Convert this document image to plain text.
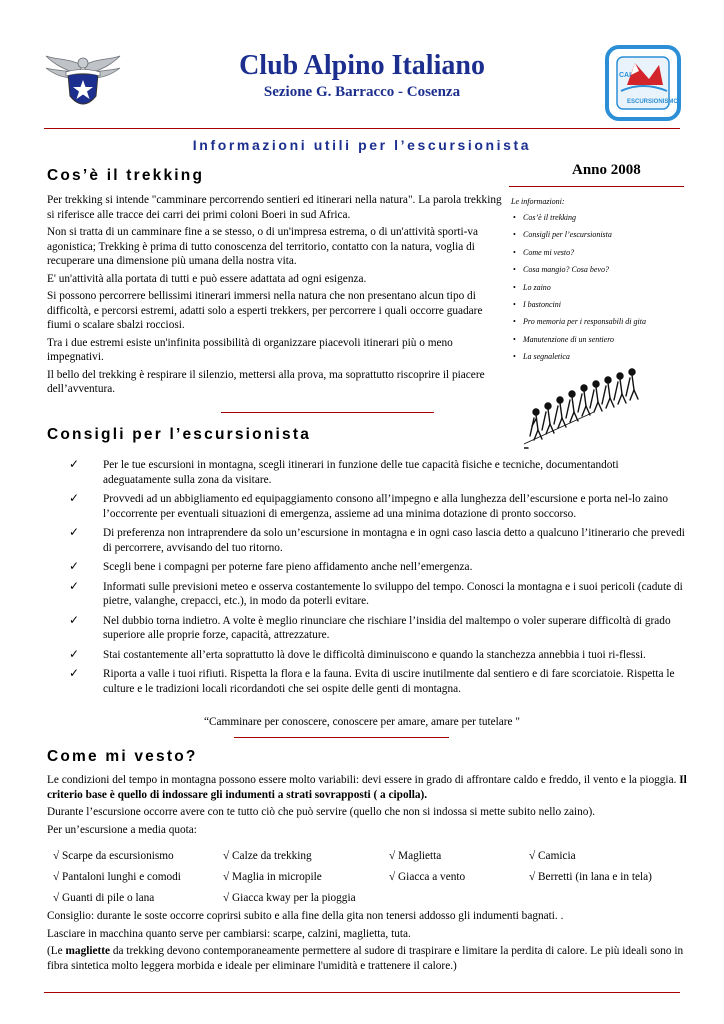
Club Alpino Italiano
Sezione G. Barracco - Cosenza
CAI
ESCURSIONISMO
Informazioni utili per l’escursionista
Cos’è il trekking	Anno 2008

Per trekking si intende "camminare percorrendo sentieri ed itinerari nella natura". La parola trekking si riferisce alle tracce dei carri dei primi coloni Boeri in sud Africa.

Non si tratta di un camminare fine a se stesso, o di un'impresa estrema, o di un'attività sporti-va agonistica; Trekking è prima di tutto conoscenza del territorio, contatto con la natura, voglia di recuperare una dimensione più umana della nostra vita.

E' un'attività alla portata di tutti e può essere adattata ad ogni esigenza.

Si possono percorrere bellissimi itinerari immersi nella natura che non presentano alcun tipo di difficoltà, e percorsi estremi, adatti solo a esperti trekkers, per percorrere i quali occorre guadare fiumi o scalare sbalzi rocciosi.

Tra i due estremi esiste un'infinita possibilità di organizzare piacevoli itinerari più o meno impegnativi.

Il bello del trekking è respirare il silenzio, mettersi alla prova, ma soprattutto riscoprire il piacere dell’avventura.

Le informazioni:
• Cos’è il trekking
• Consigli per l’escursionista
• Come mi vesto?
• Cosa mangio? Cosa bevo?
• Lo zaino
• I bastoncini
• Pro memoria per i responsabili di gita
• Manutenzione di un sentiero
• La segnaletica
Consigli per l’escursionista
✓ Per le tue escursioni in montagna, scegli itinerari in funzione delle tue capacità fisiche e tecniche, documentandoti adeguatamente sulla zona da visitare.
✓ Provvedi ad un abbigliamento ed equipaggiamento consono all’impegno e alla lunghezza dell’escursione e porta nel-lo zaino l’occorrente per eventuali situazioni di emergenza, assieme ad una minima dotazione di pronto soccorso.
✓ Di preferenza non intraprendere da solo un’escursione in montagna e in ogni caso lascia detto a qualcuno l’itinerario che prevedi di percorrere, avvisando del tuo ritorno.
✓ Scegli bene i compagni per poterne fare pieno affidamento anche nell’emergenza.
✓ Informati sulle previsioni meteo e osserva costantemente lo sviluppo del tempo. Conosci la montagna e i suoi pericoli (cadute di pietre, valanghe, crepacci, etc.), in modo da poterli evitare.
✓ Nel dubbio torna indietro. A volte è meglio rinunciare che rischiare l’insidia del maltempo o voler superare difficoltà di grado superiore alle proprie forze, capacità, attrezzature.
✓ Stai costantemente all’erta soprattutto là dove le difficoltà diminuiscono e quando la stanchezza annebbia i tuoi ri-flessi.
✓ Riporta a valle i tuoi rifiuti. Rispetta la flora e la fauna. Evita di uscire inutilmente dal sentiero e di fare scorciatoie. Rispetta le culture e le tradizioni locali ricordandoti che sei ospite delle genti di montagna.
“Camminare per conoscere, conoscere per amare, amare per tutelare "
Come mi vesto?

Le condizioni del tempo in montagna possono essere molto variabili: devi essere in grado di affrontare caldo e freddo, il vento e la pioggia. Il criterio base è quello di indossare gli indumenti a strati sovrapposti ( a cipolla).

Durante l’escursione occorre avere con te tutto ciò che può servire (quello che non si indossa si mette subito nello zaino).

Per un’escursione a media quota:

√ Scarpe da escursionismo	√ Calze da trekking	√ Maglietta	√ Camicia
√ Pantaloni lunghi e comodi	√ Maglia in micropile	√ Giacca a vento	√ Berretti (in lana e in tela)
√ Guanti di pile o lana	√ Giacca kway per la pioggia

Consiglio: durante le soste occorre coprirsi subito e alla fine della gita non tenersi addosso gli indumenti bagnati. .

Lasciare in macchina quanto serve per cambiarsi: scarpe, calzini, maglietta, tuta.

(Le magliette da trekking devono contemporaneamente permettere al sudore di traspirare e limitare la perdita di calore. Le più ideali sono in fibra sintetica molto leggera morbida e ideale per eliminare l'umidità e trattenere il calore.)
